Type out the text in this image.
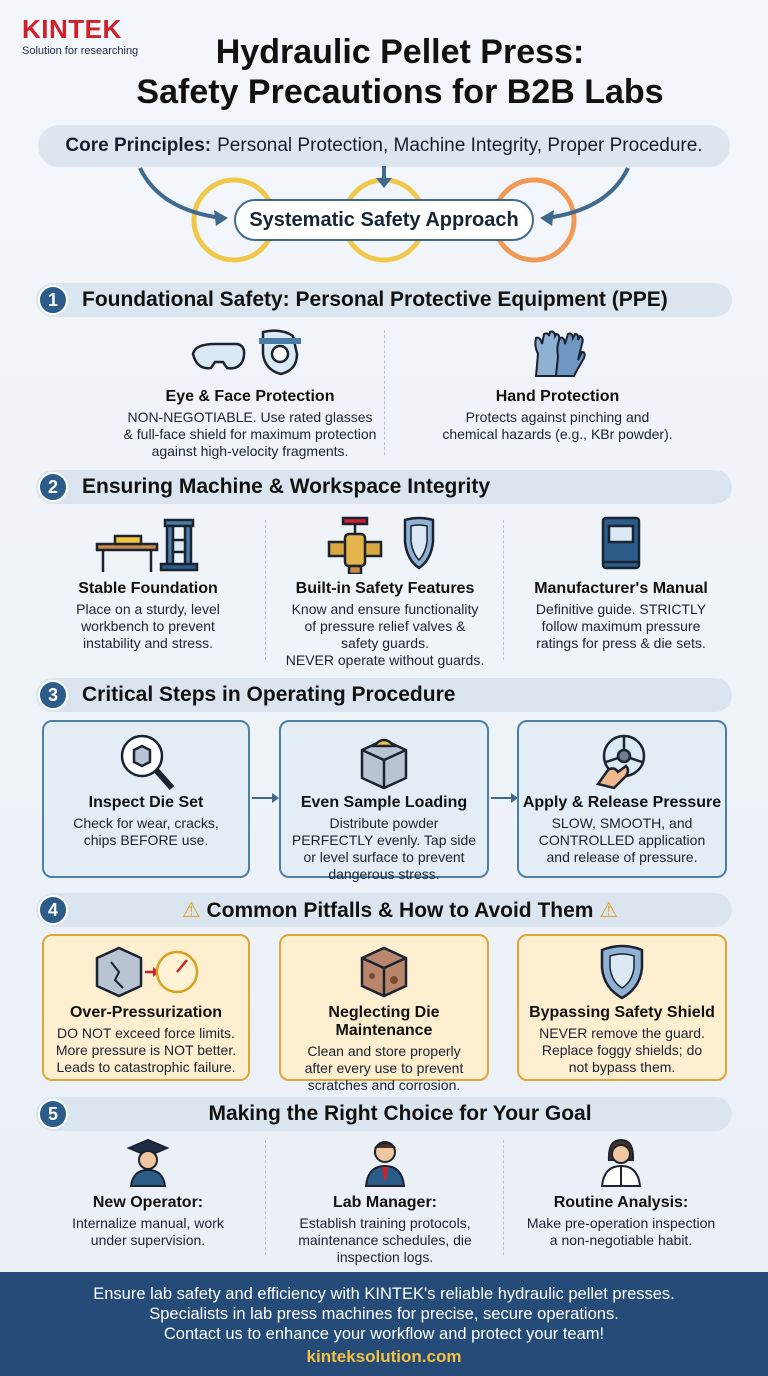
KINTEK
Solution for researching	Hydraulic Pellet Press:
Safety Precautions for B2B Labs
Core Principles: Personal Protection, Machine Integrity, Proper Procedure.
Systematic Safety Approach
1	Foundational Safety: Personal Protective Equipment (PPE)
Eye & Face Protection
NON-NEGOTIABLE. Use rated glasses
& full-face shield for maximum protection
against high-velocity fragments.
Hand Protection
Protects against pinching and
chemical hazards (e.g., KBr powder).
2	Ensuring Machine & Workspace Integrity
Stable Foundation
Place on a sturdy, level
workbench to prevent
instability and stress.
Built-in Safety Features
Know and ensure functionality
of pressure relief valves &
safety guards.
NEVER operate without guards.
Manufacturer's Manual
Definitive guide. STRICTLY
follow maximum pressure
ratings for press & die sets.
3	Critical Steps in Operating Procedure
Inspect Die Set
Check for wear, cracks,
chips BEFORE use.
Even Sample Loading
Distribute powder
PERFECTLY evenly. Tap side
or level surface to prevent
dangerous stress.
Apply & Release Pressure
SLOW, SMOOTH, and
CONTROLLED application
and release of pressure.
4	⚠ Common Pitfalls & How to Avoid Them ⚠
Over-Pressurization
DO NOT exceed force limits.
More pressure is NOT better.
Leads to catastrophic failure.
Neglecting Die Maintenance
Clean and store properly
after every use to prevent
scratches and corrosion.
Bypassing Safety Shield
NEVER remove the guard.
Replace foggy shields; do
not bypass them.
5	Making the Right Choice for Your Goal
New Operator:
Internalize manual, work
under supervision.
Lab Manager:
Establish training protocols,
maintenance schedules, die
inspection logs.
Routine Analysis:
Make pre-operation inspection
a non-negotiable habit.
Ensure lab safety and efficiency with KINTEK's reliable hydraulic pellet presses.
Specialists in lab press machines for precise, secure operations.
Contact us to enhance your workflow and protect your team!
kinteksolution.com
